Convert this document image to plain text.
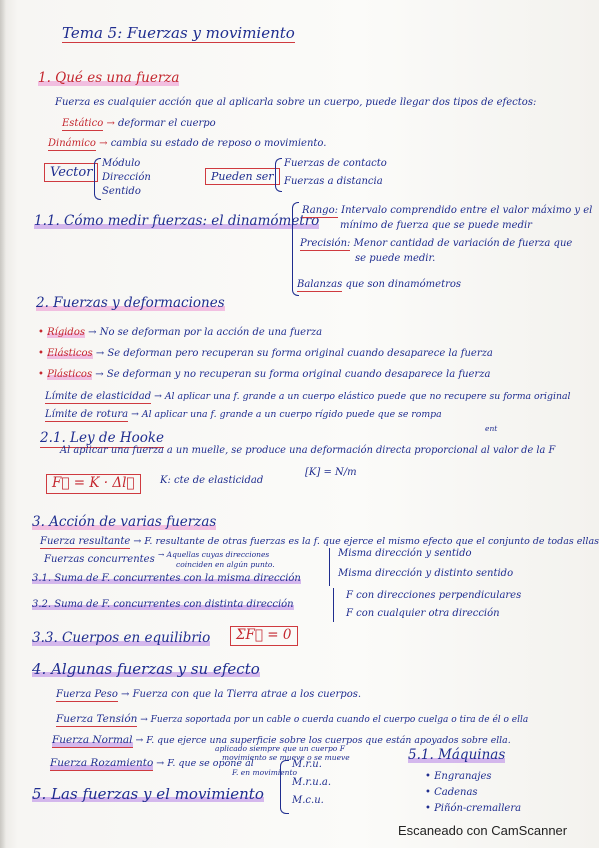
Tema 5: Fuerzas y movimiento
1. Qué es una fuerza
Fuerza es cualquier acción que al aplicarla sobre un cuerpo, puede llegar dos tipos de efectos:
Estático → deformar el cuerpo
Dinámico → cambia su estado de reposo o movimiento.
Vector
Módulo
Dirección
Sentido
Pueden ser
Fuerzas de contacto
Fuerzas a distancia
1.1. Cómo medir fuerzas: el dinamómetro
Rango: Intervalo comprendido entre el valor máximo y el
mínimo de fuerza que se puede medir
Precisión: Menor cantidad de variación de fuerza que
se puede medir.
Balanzas que son dinamómetros
2. Fuerzas y deformaciones
• Rígidos → No se deforman por la acción de una fuerza
• Elásticos → Se deforman pero recuperan su forma original cuando desaparece la fuerza
• Plásticos → Se deforman y no recuperan su forma original cuando desaparece la fuerza
Límite de elasticidad → Al aplicar una f. grande a un cuerpo elástico puede que no recupere su forma original
Límite de rotura → Al aplicar una f. grande a un cuerpo rígido puede que se rompa
2.1. Ley de Hooke
ent
Al aplicar una fuerza a un muelle, se produce una deformación directa proporcional al valor de la F
F⃗ = K · Δl⃗	K: cte de elasticidad
[K] = N/m
3. Acción de varias fuerzas
Fuerza resultante → F. resultante de otras fuerzas es la f. que ejerce el mismo efecto que el conjunto de todas ellas
Fuerzas concurrentes → Aquellas cuyas direcciones
coinciden en algún punto.
Misma dirección y sentido
Misma dirección y distinto sentido
3.1. Suma de F. concurrentes con la misma dirección
3.2. Suma de F. concurrentes con distinta dirección
F con direcciones perpendiculares
F con cualquier otra dirección
3.3. Cuerpos en equilibrio	ΣF⃗ = 0
4. Algunas fuerzas y su efecto
Fuerza Peso → Fuerza con que la Tierra atrae a los cuerpos.
Fuerza Tensión → Fuerza soportada por un cable o cuerda cuando el cuerpo cuelga o tira de él o ella
Fuerza Normal → F. que ejerce una superficie sobre los cuerpos que están apoyados sobre ella.
Fuerza Rozamiento → F. que se opone al
aplicado siempre que un cuerpo F
movimiento se mueve o se mueve
F. en movimiento
5. Las fuerzas y el movimiento
M.r.u.
M.r.u.a.
M.c.u.
5.1. Máquinas
• Engranajes
• Cadenas
• Piñón-cremallera
Escaneado con CamScanner
